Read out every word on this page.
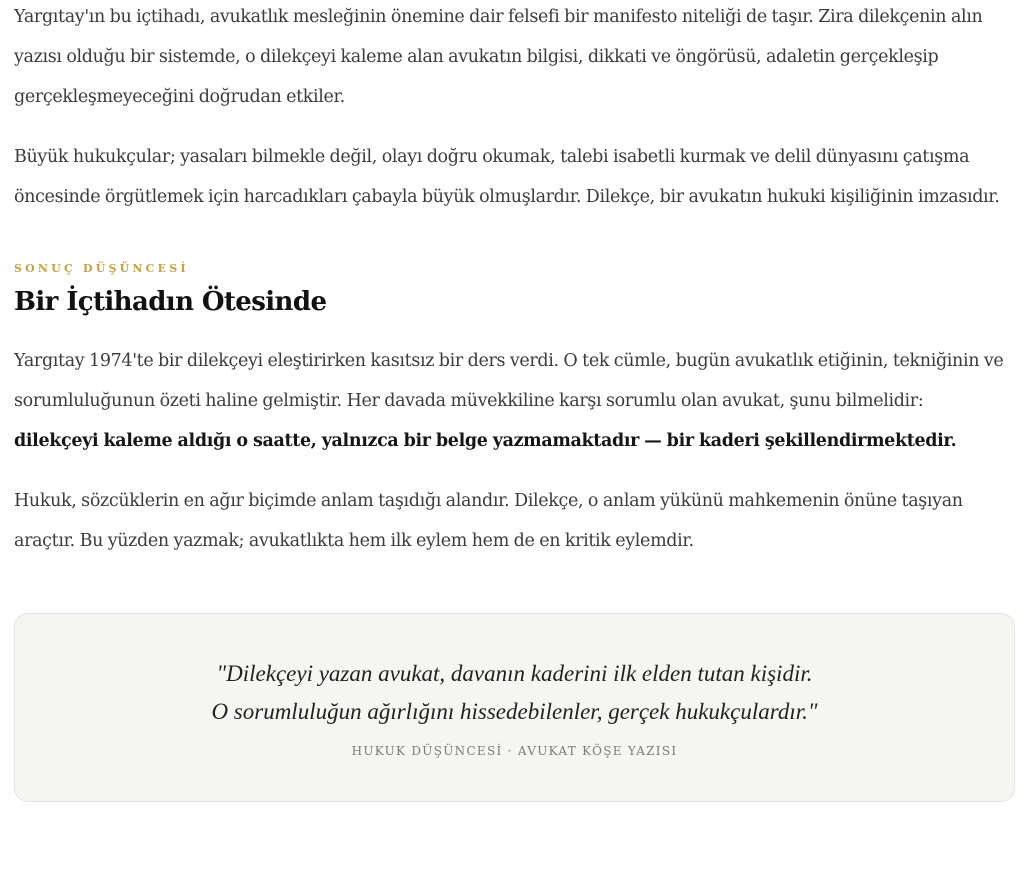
Yargıtay'ın bu içtihadı, avukatlık mesleğinin önemine dair felsefi bir manifesto niteliği de taşır. Zira dilekçenin alın yazısı olduğu bir sistemde, o dilekçeyi kaleme alan avukatın bilgisi, dikkati ve öngörüsü, adaletin gerçekleşip gerçekleşmeyeceğini doğrudan etkiler.

Büyük hukukçular; yasaları bilmekle değil, olayı doğru okumak, talebi isabetli kurmak ve delil dünyasını çatışma öncesinde örgütlemek için harcadıkları çabayla büyük olmuşlardır. Dilekçe, bir avukatın hukuki kişiliğinin imzasıdır.

SONUÇ DÜŞÜNCESİ
Bir İçtihadın Ötesinde

Yargıtay 1974'te bir dilekçeyi eleştirirken kasıtsız bir ders verdi. O tek cümle, bugün avukatlık etiğinin, tekniğinin ve sorumluluğunun özeti haline gelmiştir. Her davada müvekkiline karşı sorumlu olan avukat, şunu bilmelidir: dilekçeyi kaleme aldığı o saatte, yalnızca bir belge yazmamaktadır — bir kaderi şekillendirmektedir.

Hukuk, sözcüklerin en ağır biçimde anlam taşıdığı alandır. Dilekçe, o anlam yükünü mahkemenin önüne taşıyan araçtır. Bu yüzden yazmak; avukatlıkta hem ilk eylem hem de en kritik eylemdir.

"Dilekçeyi yazan avukat, davanın kaderini ilk elden tutan kişidir.
O sorumluluğun ağırlığını hissedebilenler, gerçek hukukçulardır."

HUKUK DÜŞÜNCESİ · AVUKAT KÖŞE YAZISI
